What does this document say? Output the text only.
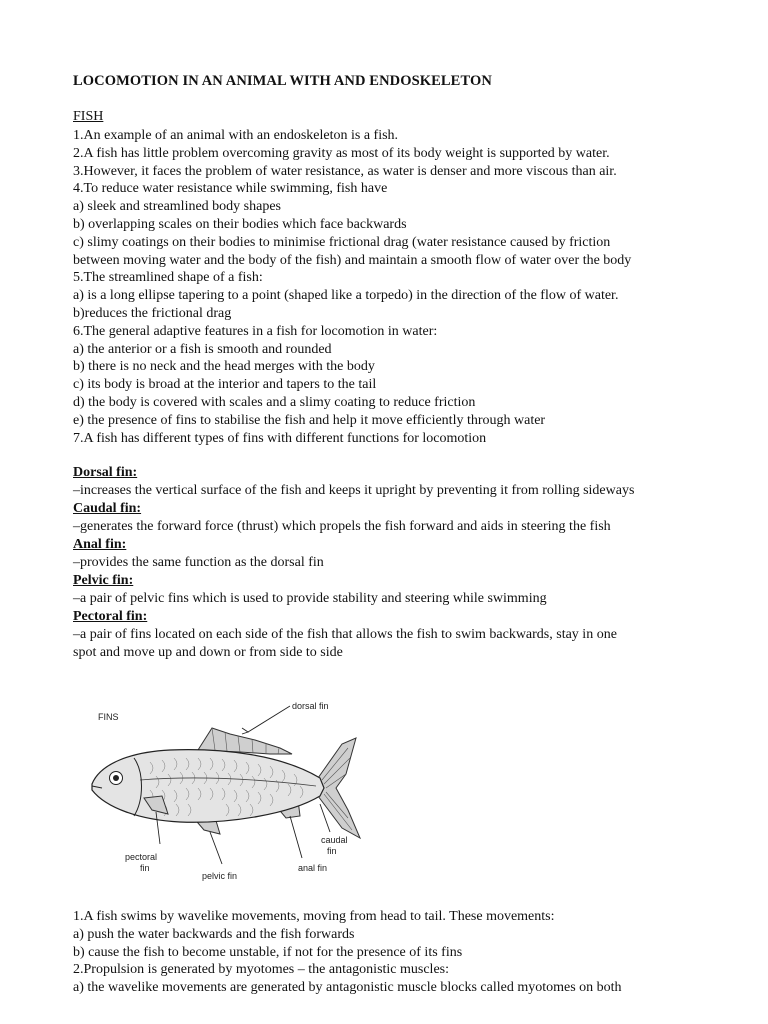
LOCOMOTION IN AN ANIMAL WITH AND ENDOSKELETON
FISH
1.An example of an animal with an endoskeleton is a fish.
2.A fish has little problem overcoming gravity as most of its body weight is supported by water.
3.However, it faces the problem of water resistance, as water is denser and more viscous than air.
4.To reduce water resistance while swimming, fish have
a) sleek and streamlined body shapes
b) overlapping scales on their bodies which face backwards
c) slimy coatings on their bodies to minimise frictional drag (water resistance caused by friction
between moving water and the body of the fish) and maintain a smooth flow of water over the body
5.The streamlined shape of a fish:
a) is a long ellipse tapering to a point (shaped like a torpedo) in the direction of the flow of water.
b)reduces the frictional drag
6.The general adaptive features in a fish for locomotion in water:
a) the anterior or a fish is smooth and rounded
b) there is no neck and the head merges with the body
c) its body is broad at the interior and tapers to the tail
d) the body is covered with scales and a slimy coating to reduce friction
e) the presence of fins to stabilise the fish and help it move efficiently through water
7.A fish has different types of fins with different functions for locomotion
Dorsal fin:
–increases the vertical surface of the fish and keeps it upright by preventing it from rolling sideways
Caudal fin:
–generates the forward force (thrust) which propels the fish forward and aids in steering the fish
Anal fin:
–provides the same function as the dorsal fin
Pelvic fin:
–a pair of pelvic fins which is used to provide stability and steering while swimming
Pectoral fin:
–a pair of fins located on each side of the fish that allows the fish to swim backwards, stay in one
spot and move up and down or from side to side
FINS
dorsal fin
caudal
fin
pectoral
fin
pelvic fin
anal fin
1.A fish swims by wavelike movements, moving from head to tail. These movements:
a) push the water backwards and the fish forwards
b) cause the fish to become unstable, if not for the presence of its fins
2.Propulsion is generated by myotomes – the antagonistic muscles:
a) the wavelike movements are generated by antagonistic muscle blocks called myotomes on both
